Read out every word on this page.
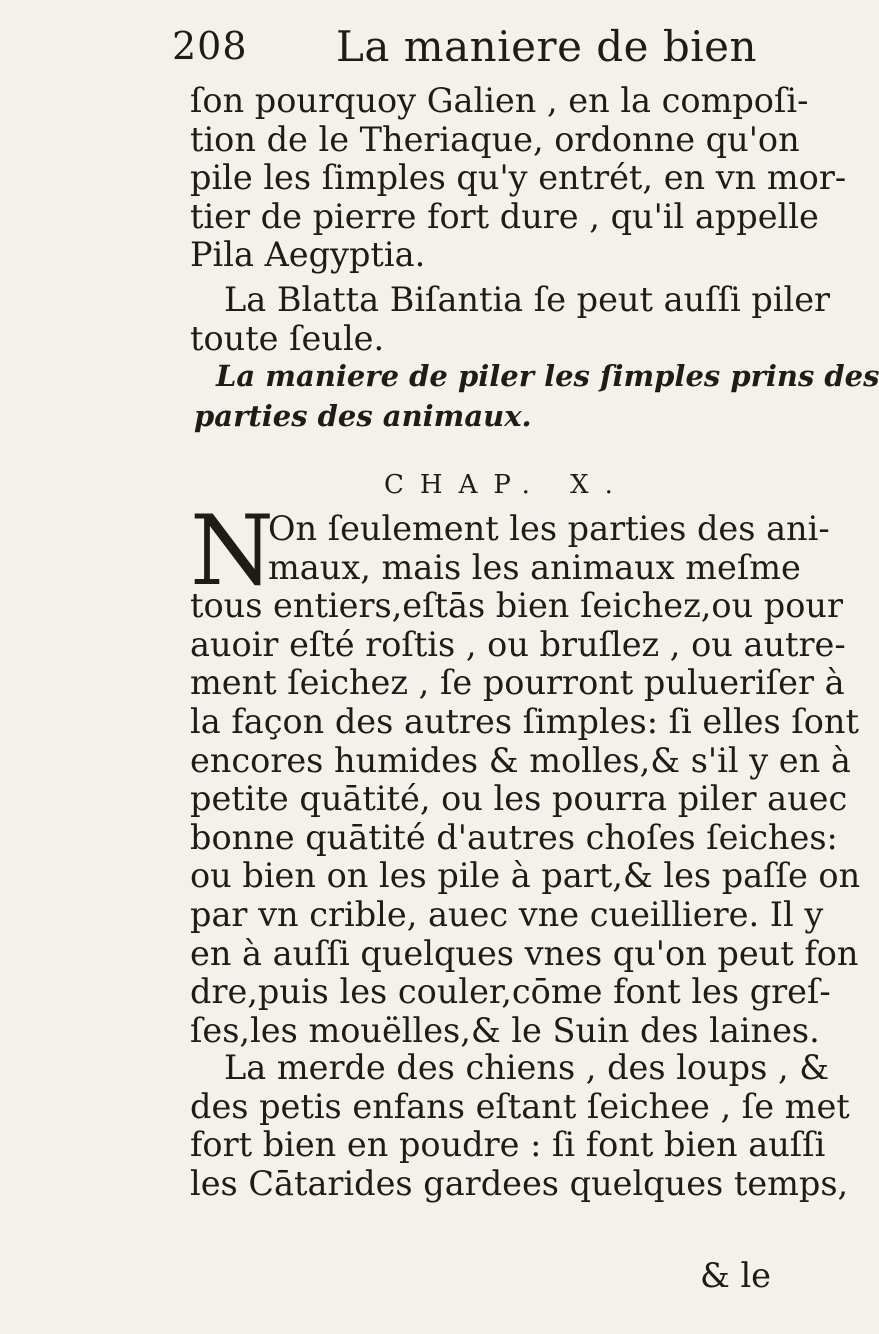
208 La maniere de bien
ſon pourquoy Galien , en la compoſi-
tion de le Theriaque, ordonne qu'on
pile les ſimples qu'y entrét, en vn mor-
tier de pierre fort dure , qu'il appelle
Pila Aegyptia.
La Blatta Biſantia ſe peut auſſi piler
toute ſeule.
La maniere de piler les ſimples prins des
parties des animaux.
CHAP. X.
N
On ſeulement les parties des ani-
maux, mais les animaux meſme
tous entiers,eſtās bien ſeichez,ou pour
auoir eſté roſtis , ou bruſlez , ou autre-
ment ſeichez , ſe pourront pulueriſer à
la façon des autres ſimples: ſi elles ſont
encores humides & molles,& s'il y en à
petite quātité, ou les pourra piler auec
bonne quātité d'autres choſes ſeiches:
ou bien on les pile à part,& les paſſe on
par vn crible, auec vne cueilliere. Il y
en à auſſi quelques vnes qu'on peut fon
dre,puis les couler,cōme font les greſ-
ſes,les mouëlles,& le Suin des laines.
La merde des chiens , des loups , &
des petis enfans eſtant ſeichee , ſe met
fort bien en poudre : ſi font bien auſſi
les Cātarides gardees quelques temps,
& le
